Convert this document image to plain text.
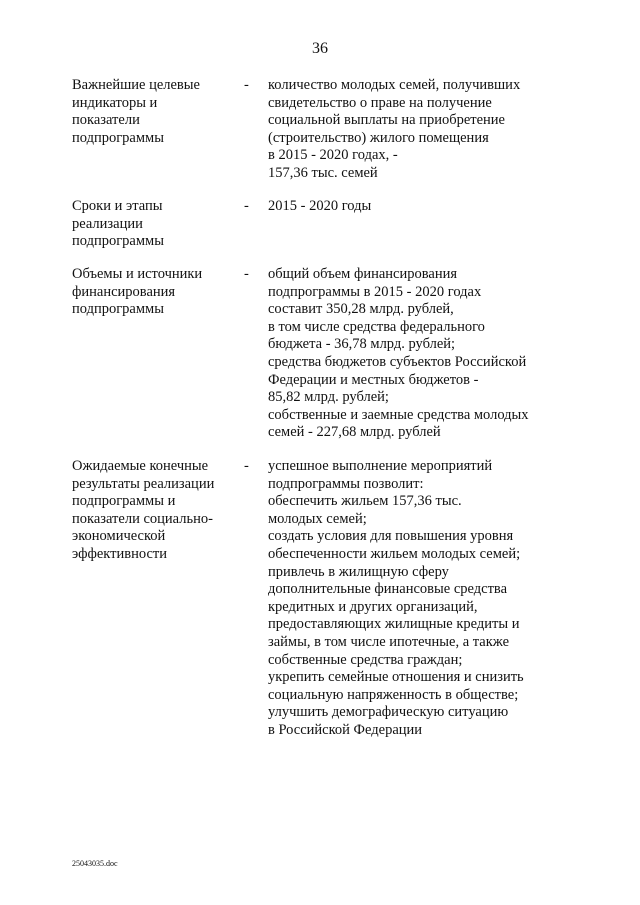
36
Важнейшие целевые
индикаторы и
показатели
подпрограммы
- количество молодых семей, получивших
свидетельство о праве на получение
социальной выплаты на приобретение
(строительство) жилого помещения
в 2015 - 2020 годах, -
157,36 тыс. семей
Сроки и этапы
реализации
подпрограммы
- 2015 - 2020 годы
Объемы и источники
финансирования
подпрограммы
- общий объем финансирования
подпрограммы в 2015 - 2020 годах
составит 350,28 млрд. рублей,
в том числе средства федерального
бюджета - 36,78 млрд. рублей;
средства бюджетов субъектов Российской
Федерации и местных бюджетов -
85,82 млрд. рублей;
собственные и заемные средства молодых
семей - 227,68 млрд. рублей
Ожидаемые конечные
результаты реализации
подпрограммы и
показатели социально-
экономической
эффективности
- успешное выполнение мероприятий
подпрограммы позволит:
обеспечить жильем 157,36 тыс.
молодых семей;
создать условия для повышения уровня
обеспеченности жильем молодых семей;
привлечь в жилищную сферу
дополнительные финансовые средства
кредитных и других организаций,
предоставляющих жилищные кредиты и
займы, в том числе ипотечные, а также
собственные средства граждан;
укрепить семейные отношения и снизить
социальную напряженность в обществе;
улучшить демографическую ситуацию
в Российской Федерации
25043035.doc
